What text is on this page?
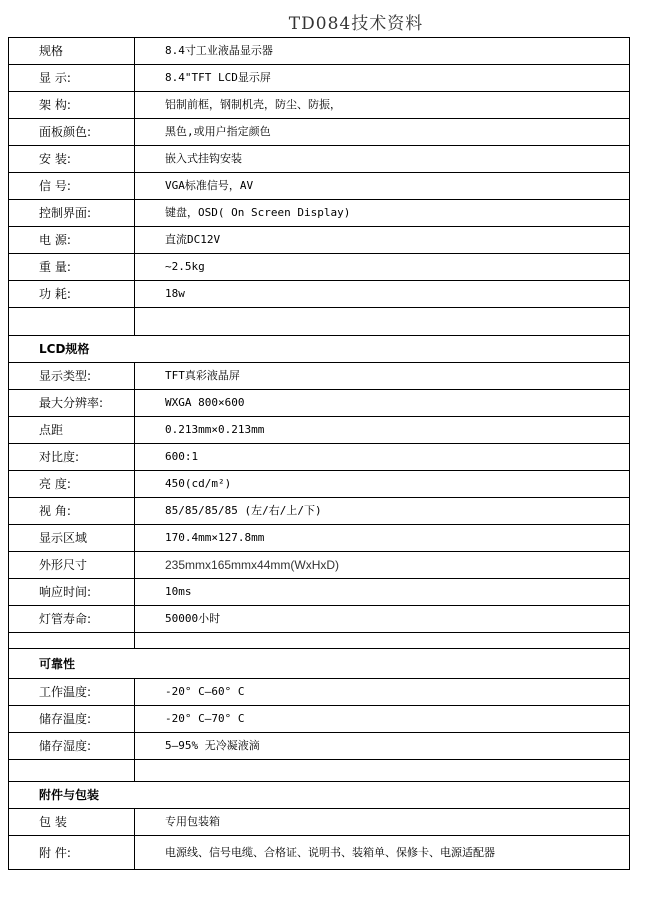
TD084技术资料
规格	8.4寸工业液晶显示器
显 示:	8.4"TFT LCD显示屏
架 构:	铝制前框，钢制机壳，防尘、防振，
面板颜色:	黑色,或用户指定颜色
安 装:	嵌入式挂钩安装
信 号:	VGA标准信号，AV
控制界面:	键盘，OSD( On Screen Display)
电 源:	直流DC12V
重 量:	~2.5kg
功 耗:	18w

LCD规格	
显示类型:	TFT真彩液晶屏
最大分辨率:	WXGA 800×600
点距	0.213mm×0.213mm
对比度:	600:1
亮 度:	450(cd/m²)
视 角:	85/85/85/85 (左/右/上/下)
显示区域	170.4mm×127.8mm
外形尺寸	235mmx165mmx44mm(WxHxD)
响应时间:	10ms
灯管寿命:	50000小时

可靠性	
工作温度:	-20° C—60° C
储存温度:	-20° C—70° C
储存湿度:	5—95% 无冷凝液滴

附件与包装	
包 装	专用包装箱
附 件:	电源线、信号电缆、合格证、说明书、装箱单、保修卡、电源适配器
